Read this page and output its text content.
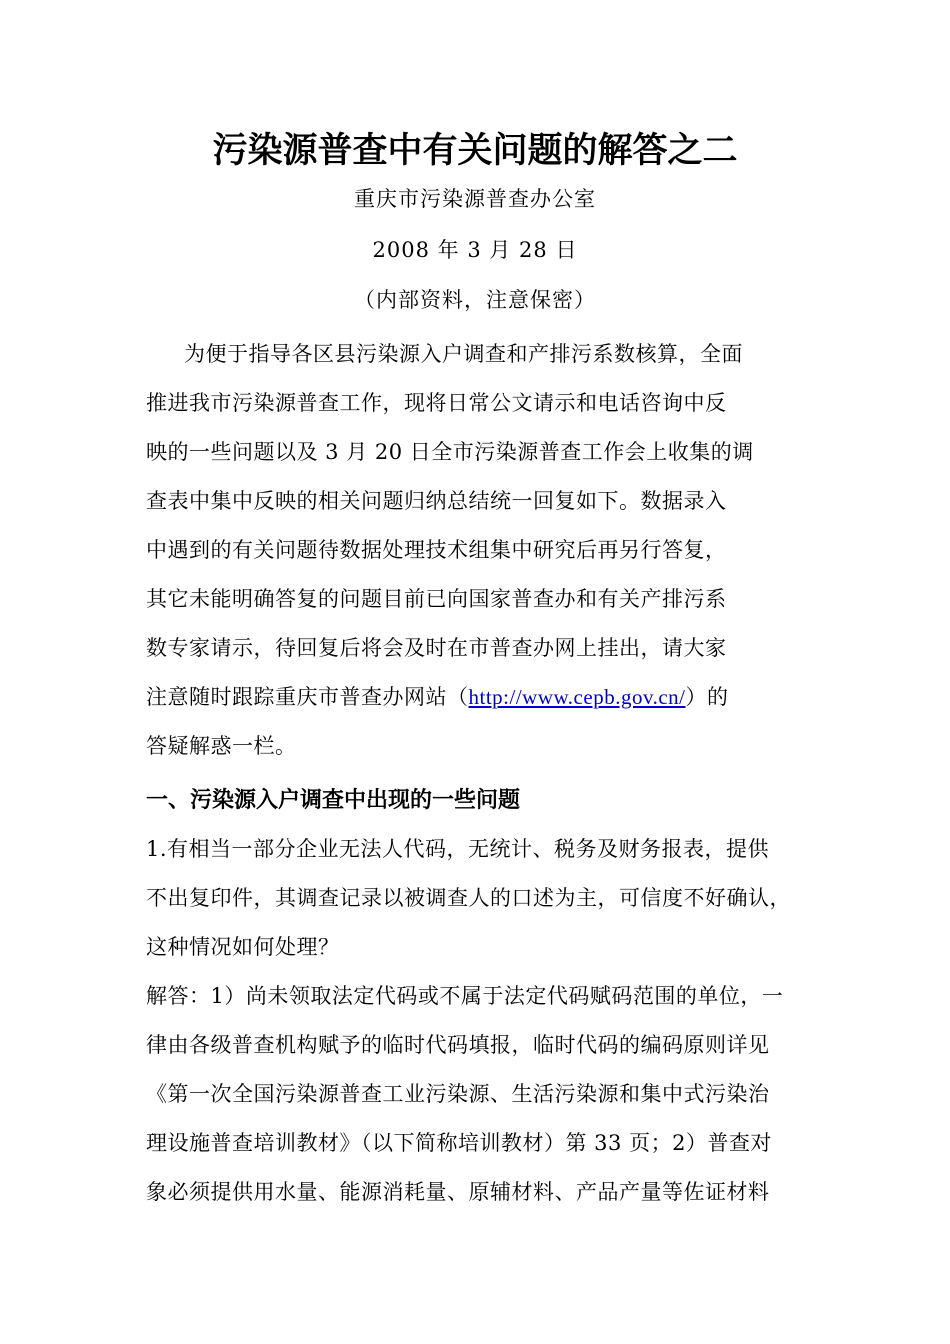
污染源普查中有关问题的解答之二
重庆市污染源普查办公室
2008 年 3 月 28 日
（内部资料，注意保密）
为便于指导各区县污染源入户调查和产排污系数核算，全面
推进我市污染源普查工作，现将日常公文请示和电话咨询中反
映的一些问题以及 3 月 20 日全市污染源普查工作会上收集的调
查表中集中反映的相关问题归纳总结统一回复如下。数据录入
中遇到的有关问题待数据处理技术组集中研究后再另行答复，
其它未能明确答复的问题目前已向国家普查办和有关产排污系
数专家请示，待回复后将会及时在市普查办网上挂出，请大家
注意随时跟踪重庆市普查办网站（http://www.cepb.gov.cn/）的
答疑解惑一栏。
一、污染源入户调查中出现的一些问题
1.有相当一部分企业无法人代码，无统计、税务及财务报表，提供
不出复印件，其调查记录以被调查人的口述为主，可信度不好确认，
这种情况如何处理？
解答：1）尚未领取法定代码或不属于法定代码赋码范围的单位，一
律由各级普查机构赋予的临时代码填报，临时代码的编码原则详见
《第一次全国污染源普查工业污染源、生活污染源和集中式污染治
理设施普查培训教材》（以下简称培训教材）第 33 页；2）普查对
象必须提供用水量、能源消耗量、原辅材料、产品产量等佐证材料
